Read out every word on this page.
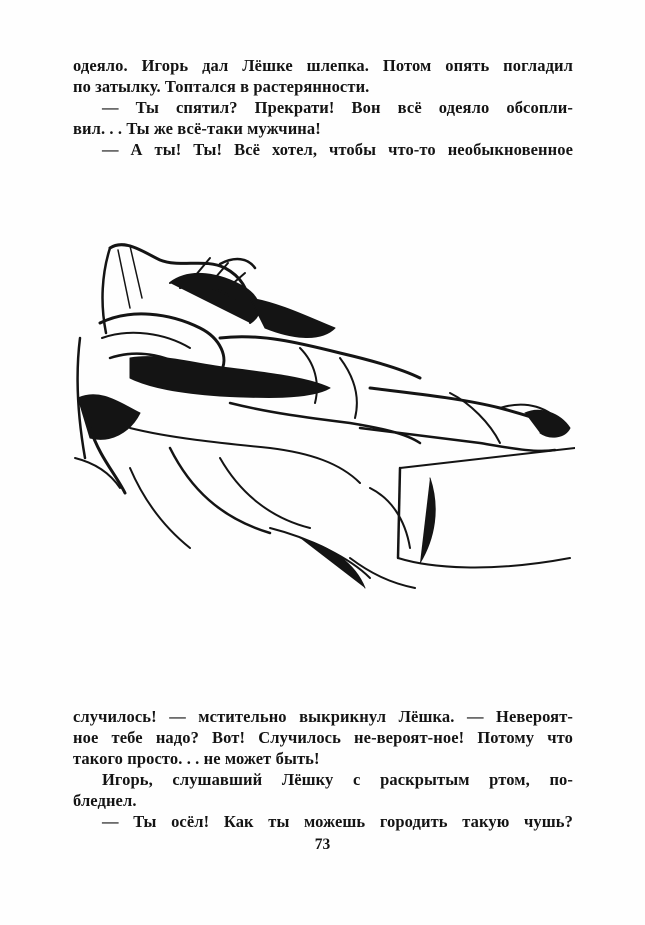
одеяло. Игорь дал Лёшке шлепка. Потом опять погладил
по затылку. Топтался в растерянности.
— Ты спятил? Прекрати! Вон всё одеяло обсопли-
вил. . . Ты же всё-таки мужчина!
— А ты! Ты! Всё хотел, чтобы что-то необыкновенное
случилось! — мстительно выкрикнул Лёшка. — Невероят-
ное тебе надо? Вот! Случилось не-вероят-ное! Потому что
такого просто. . . не может быть!
Игорь, слушавший Лёшку с раскрытым ртом, по-
бледнел.
— Ты осёл! Как ты можешь городить такую чушь?
73
